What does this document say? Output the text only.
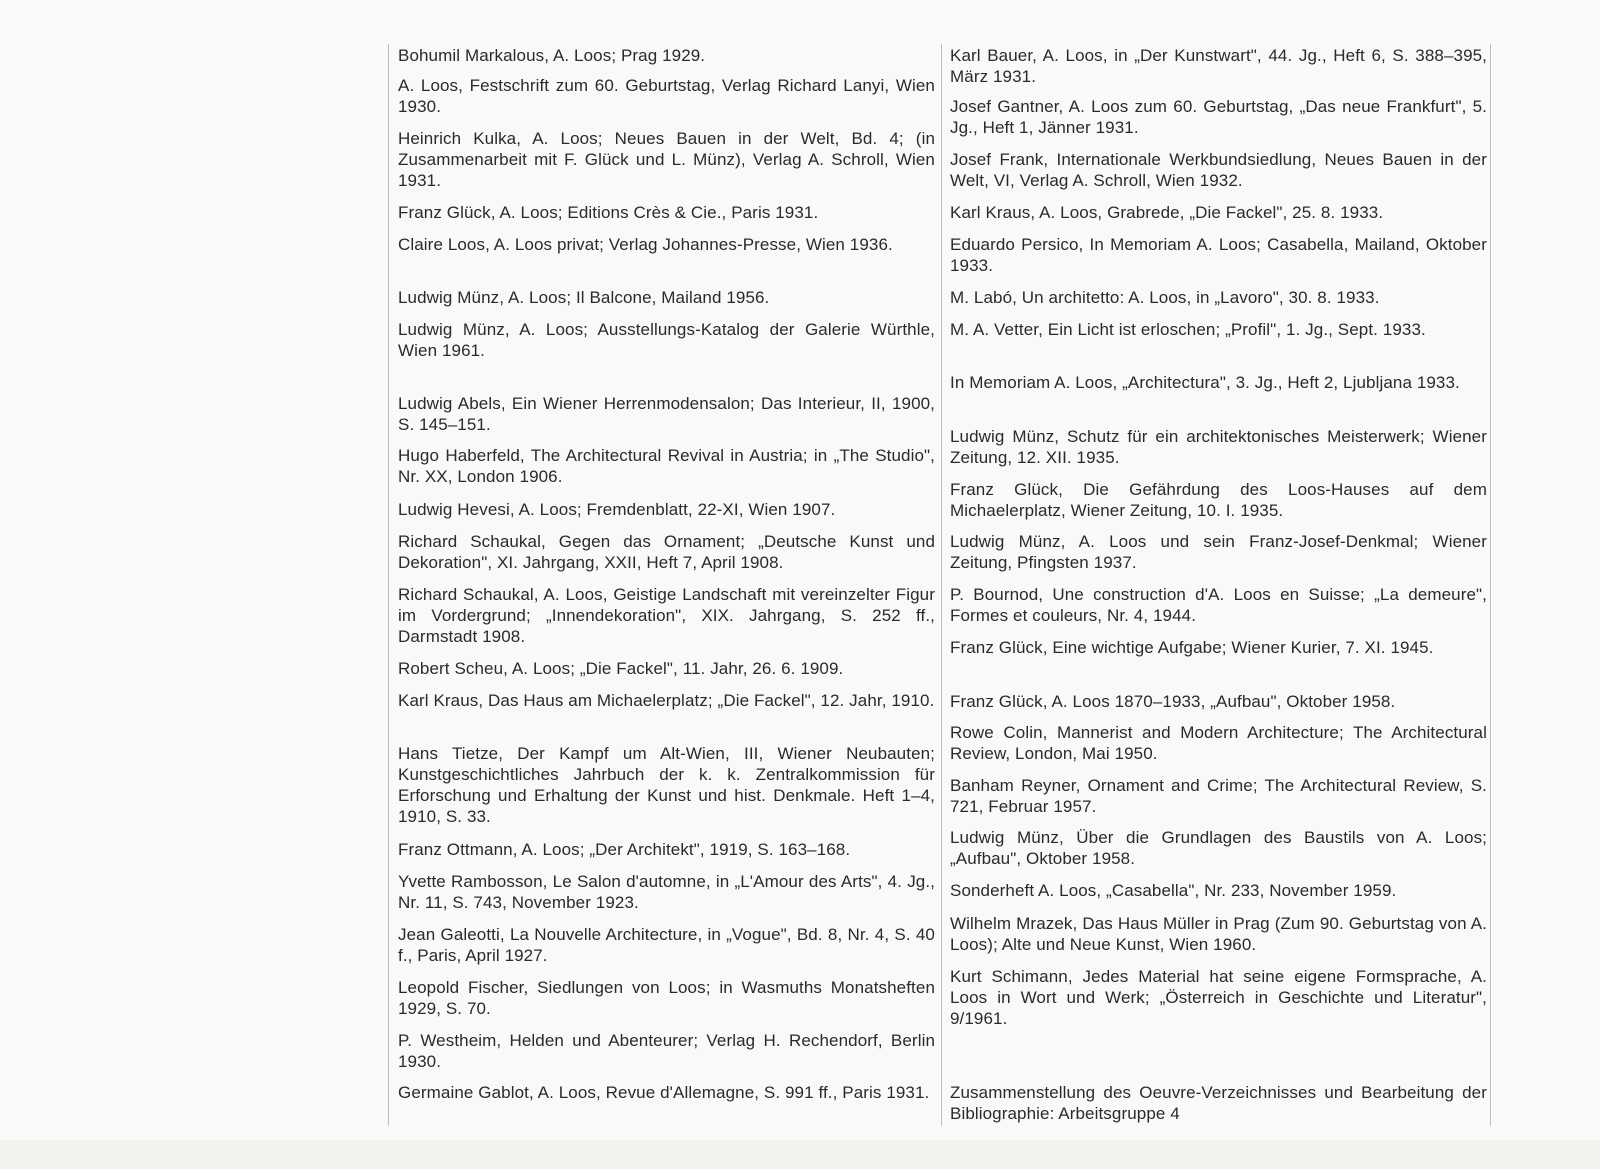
Bohumil Markalous, A. Loos; Prag 1929.

A. Loos, Festschrift zum 60. Geburtstag, Verlag Richard Lanyi, Wien 1930.

Heinrich Kulka, A. Loos; Neues Bauen in der Welt, Bd. 4; (in Zusammenarbeit mit F. Glück und L. Münz), Verlag A. Schroll, Wien 1931.

Franz Glück, A. Loos; Editions Crès & Cie., Paris 1931.

Claire Loos, A. Loos privat; Verlag Johannes-Presse, Wien 1936.

Ludwig Münz, A. Loos; Il Balcone, Mailand 1956.

Ludwig Münz, A. Loos; Ausstellungs-Katalog der Galerie Würthle, Wien 1961.

Ludwig Abels, Ein Wiener Herrenmodensalon; Das Interieur, II, 1900, S. 145–151.

Hugo Haberfeld, The Architectural Revival in Austria; in „The Studio", Nr. XX, London 1906.

Ludwig Hevesi, A. Loos; Fremdenblatt, 22-XI, Wien 1907.

Richard Schaukal, Gegen das Ornament; „Deutsche Kunst und Dekoration", XI. Jahrgang, XXII, Heft 7, April 1908.

Richard Schaukal, A. Loos, Geistige Landschaft mit vereinzelter Figur im Vordergrund; „Innendekoration", XIX. Jahrgang, S. 252 ff., Darmstadt 1908.

Robert Scheu, A. Loos; „Die Fackel", 11. Jahr, 26. 6. 1909.

Karl Kraus, Das Haus am Michaelerplatz; „Die Fackel", 12. Jahr, 1910.

Hans Tietze, Der Kampf um Alt-Wien, III, Wiener Neubauten; Kunstgeschichtliches Jahrbuch der k. k. Zentralkommission für Erforschung und Erhaltung der Kunst und hist. Denkmale. Heft 1–4, 1910, S. 33.

Franz Ottmann, A. Loos; „Der Architekt", 1919, S. 163–168.

Yvette Rambosson, Le Salon d'automne, in „L'Amour des Arts", 4. Jg., Nr. 11, S. 743, November 1923.

Jean Galeotti, La Nouvelle Architecture, in „Vogue", Bd. 8, Nr. 4, S. 40 f., Paris, April 1927.

Leopold Fischer, Siedlungen von Loos; in Wasmuths Monatsheften 1929, S. 70.

P. Westheim, Helden und Abenteurer; Verlag H. Rechendorf, Berlin 1930.

Germaine Gablot, A. Loos, Revue d'Allemagne, S. 991 ff., Paris 1931.

Karl Bauer, A. Loos, in „Der Kunstwart", 44. Jg., Heft 6, S. 388–395, März 1931.

Josef Gantner, A. Loos zum 60. Geburtstag, „Das neue Frankfurt", 5. Jg., Heft 1, Jänner 1931.

Josef Frank, Internationale Werkbundsiedlung, Neues Bauen in der Welt, VI, Verlag A. Schroll, Wien 1932.

Karl Kraus, A. Loos, Grabrede, „Die Fackel", 25. 8. 1933.

Eduardo Persico, In Memoriam A. Loos; Casabella, Mailand, Oktober 1933.

M. Labó, Un architetto: A. Loos, in „Lavoro", 30. 8. 1933.

M. A. Vetter, Ein Licht ist erloschen; „Profil", 1. Jg., Sept. 1933.

In Memoriam A. Loos, „Architectura", 3. Jg., Heft 2, Ljubljana 1933.

Ludwig Münz, Schutz für ein architektonisches Meisterwerk; Wiener Zeitung, 12. XII. 1935.

Franz Glück, Die Gefährdung des Loos-Hauses auf dem Michaelerplatz, Wiener Zeitung, 10. I. 1935.

Ludwig Münz, A. Loos und sein Franz-Josef-Denkmal; Wiener Zeitung, Pfingsten 1937.

P. Bournod, Une construction d'A. Loos en Suisse; „La demeure", Formes et couleurs, Nr. 4, 1944.

Franz Glück, Eine wichtige Aufgabe; Wiener Kurier, 7. XI. 1945.

Franz Glück, A. Loos 1870–1933, „Aufbau", Oktober 1958.

Rowe Colin, Mannerist and Modern Architecture; The Architectural Review, London, Mai 1950.

Banham Reyner, Ornament and Crime; The Architectural Review, S. 721, Februar 1957.

Ludwig Münz, Über die Grundlagen des Baustils von A. Loos; „Aufbau", Oktober 1958.

Sonderheft A. Loos, „Casabella", Nr. 233, November 1959.

Wilhelm Mrazek, Das Haus Müller in Prag (Zum 90. Geburtstag von A. Loos); Alte und Neue Kunst, Wien 1960.

Kurt Schimann, Jedes Material hat seine eigene Formsprache, A. Loos in Wort und Werk; „Österreich in Geschichte und Literatur", 9/1961.

Zusammenstellung des Oeuvre-Verzeichnisses und Bearbeitung der Bibliographie: Arbeitsgruppe 4
